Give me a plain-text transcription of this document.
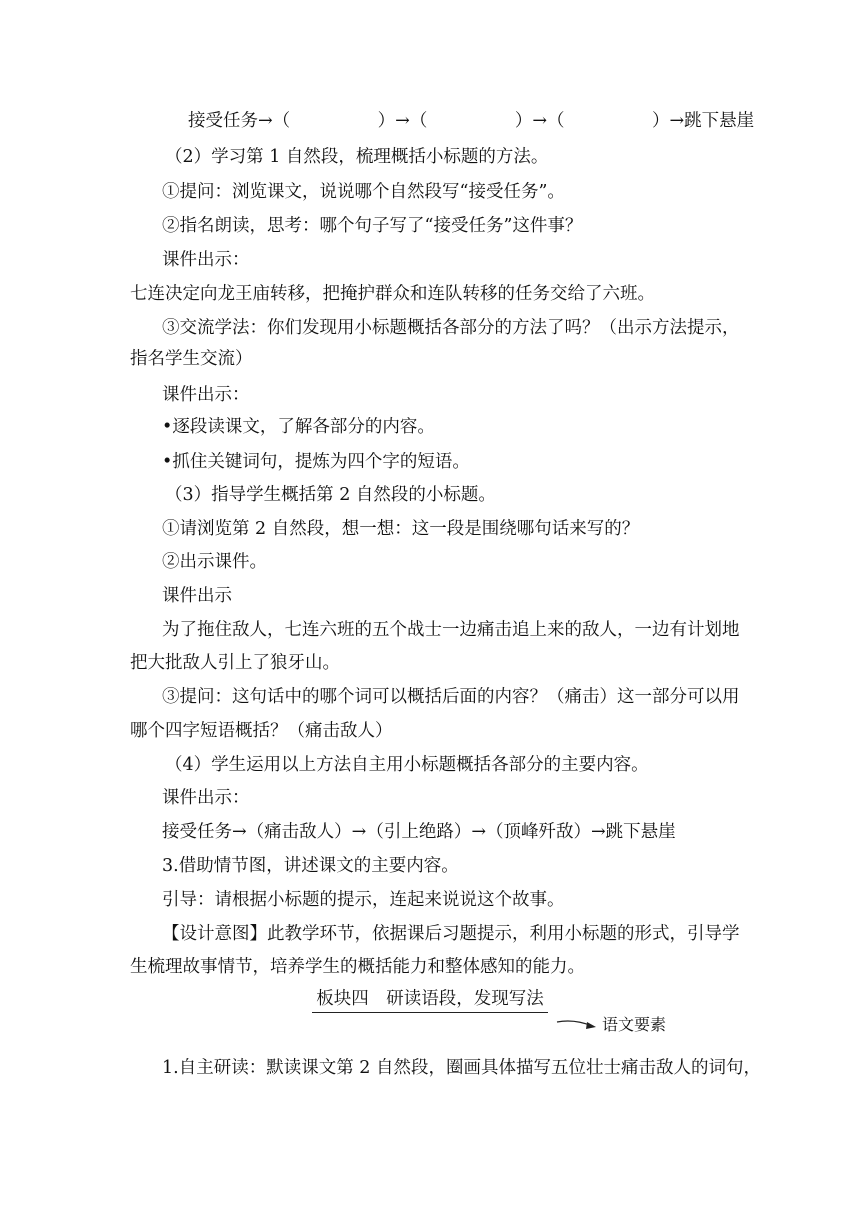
接受任务→（　　　　　）→（　　　　　）→（　　　　　）→跳下悬崖
（2）学习第 1 自然段，梳理概括小标题的方法。
①提问：浏览课文，说说哪个自然段写“接受任务”。
②指名朗读，思考：哪个句子写了“接受任务”这件事？
课件出示：
七连决定向龙王庙转移，把掩护群众和连队转移的任务交给了六班。
③交流学法：你们发现用小标题概括各部分的方法了吗？（出示方法提示，
指名学生交流）
课件出示：
•逐段读课文，了解各部分的内容。
•抓住关键词句，提炼为四个字的短语。
（3）指导学生概括第 2 自然段的小标题。
①请浏览第 2 自然段，想一想：这一段是围绕哪句话来写的？
②出示课件。
课件出示
为了拖住敌人，七连六班的五个战士一边痛击追上来的敌人，一边有计划地
把大批敌人引上了狼牙山。
③提问：这句话中的哪个词可以概括后面的内容？（痛击）这一部分可以用
哪个四字短语概括？（痛击敌人）
（4）学生运用以上方法自主用小标题概括各部分的主要内容。
课件出示：
接受任务→（痛击敌人）→（引上绝路）→（顶峰歼敌）→跳下悬崖
3.借助情节图，讲述课文的主要内容。
引导：请根据小标题的提示，连起来说说这个故事。
【设计意图】此教学环节，依据课后习题提示，利用小标题的形式，引导学
生梳理故事情节，培养学生的概括能力和整体感知的能力。
板块四　研读语段，发现写法
语文要素
1.自主研读：默读课文第 2 自然段，圈画具体描写五位壮士痛击敌人的词句，
